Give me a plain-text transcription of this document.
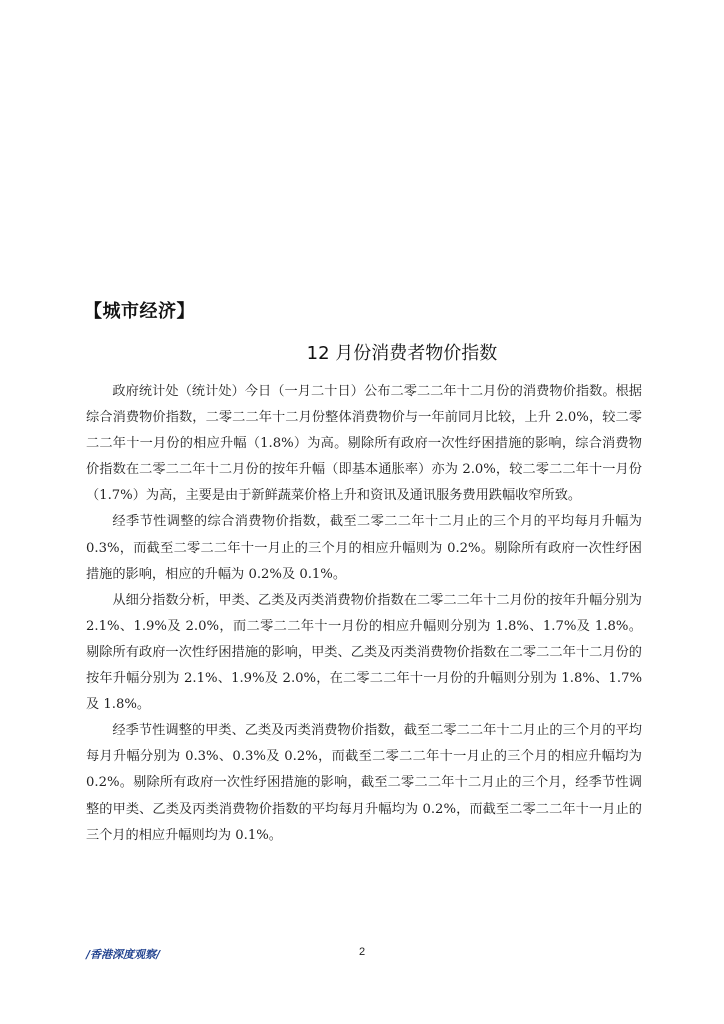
【城市经济】
12 月份消费者物价指数

政府统计处（统计处）今日（一月二十日）公布二零二二年十二月份的消费物价指数。根据综合消费物价指数，二零二二年十二月份整体消费物价与一年前同月比较，上升 2.0%，较二零二二年十一月份的相应升幅（1.8%）为高。剔除所有政府一次性纾困措施的影响，综合消费物价指数在二零二二年十二月份的按年升幅（即基本通胀率）亦为 2.0%，较二零二二年十一月份（1.7%）为高，主要是由于新鲜蔬菜价格上升和资讯及通讯服务费用跌幅收窄所致。

经季节性调整的综合消费物价指数，截至二零二二年十二月止的三个月的平均每月升幅为 0.3%，而截至二零二二年十一月止的三个月的相应升幅则为 0.2%。剔除所有政府一次性纾困措施的影响，相应的升幅为 0.2%及 0.1%。

从细分指数分析，甲类、乙类及丙类消费物价指数在二零二二年十二月份的按年升幅分别为 2.1%、1.9%及 2.0%，而二零二二年十一月份的相应升幅则分别为 1.8%、1.7%及 1.8%。剔除所有政府一次性纾困措施的影响，甲类、乙类及丙类消费物价指数在二零二二年十二月份的按年升幅分别为 2.1%、1.9%及 2.0%，在二零二二年十一月份的升幅则分别为 1.8%、1.7%及 1.8%。

经季节性调整的甲类、乙类及丙类消费物价指数，截至二零二二年十二月止的三个月的平均每月升幅分别为 0.3%、0.3%及 0.2%，而截至二零二二年十一月止的三个月的相应升幅均为 0.2%。剔除所有政府一次性纾困措施的影响，截至二零二二年十二月止的三个月，经季节性调整的甲类、乙类及丙类消费物价指数的平均每月升幅均为 0.2%，而截至二零二二年十一月止的三个月的相应升幅则均为 0.1%。

/香港深度观察/	2
